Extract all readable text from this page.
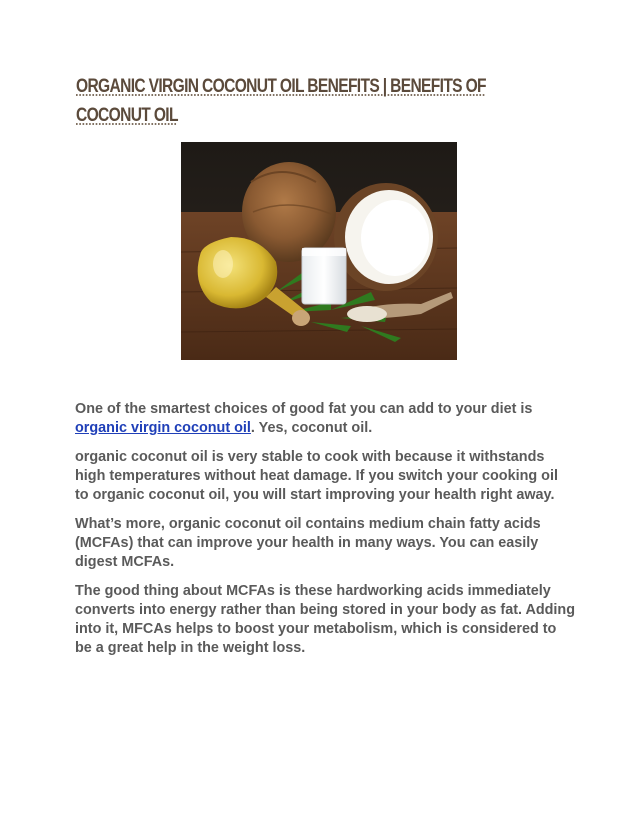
ORGANIC VIRGIN COCONUT OIL BENEFITS | BENEFITS OF COCONUT OIL

One of the smartest choices of good fat you can add to your diet is organic virgin coconut oil. Yes, coconut oil.

organic coconut oil is very stable to cook with because it withstands high temperatures without heat damage. If you switch your cooking oil to organic coconut oil, you will start improving your health right away.

What’s more, organic coconut oil contains medium chain fatty acids (MCFAs) that can improve your health in many ways. You can easily digest MCFAs.

The good thing about MCFAs is these hardworking acids immediately converts into energy rather than being stored in your body as fat. Adding into it, MFCAs helps to boost your metabolism, which is considered to be a great help in the weight loss.
